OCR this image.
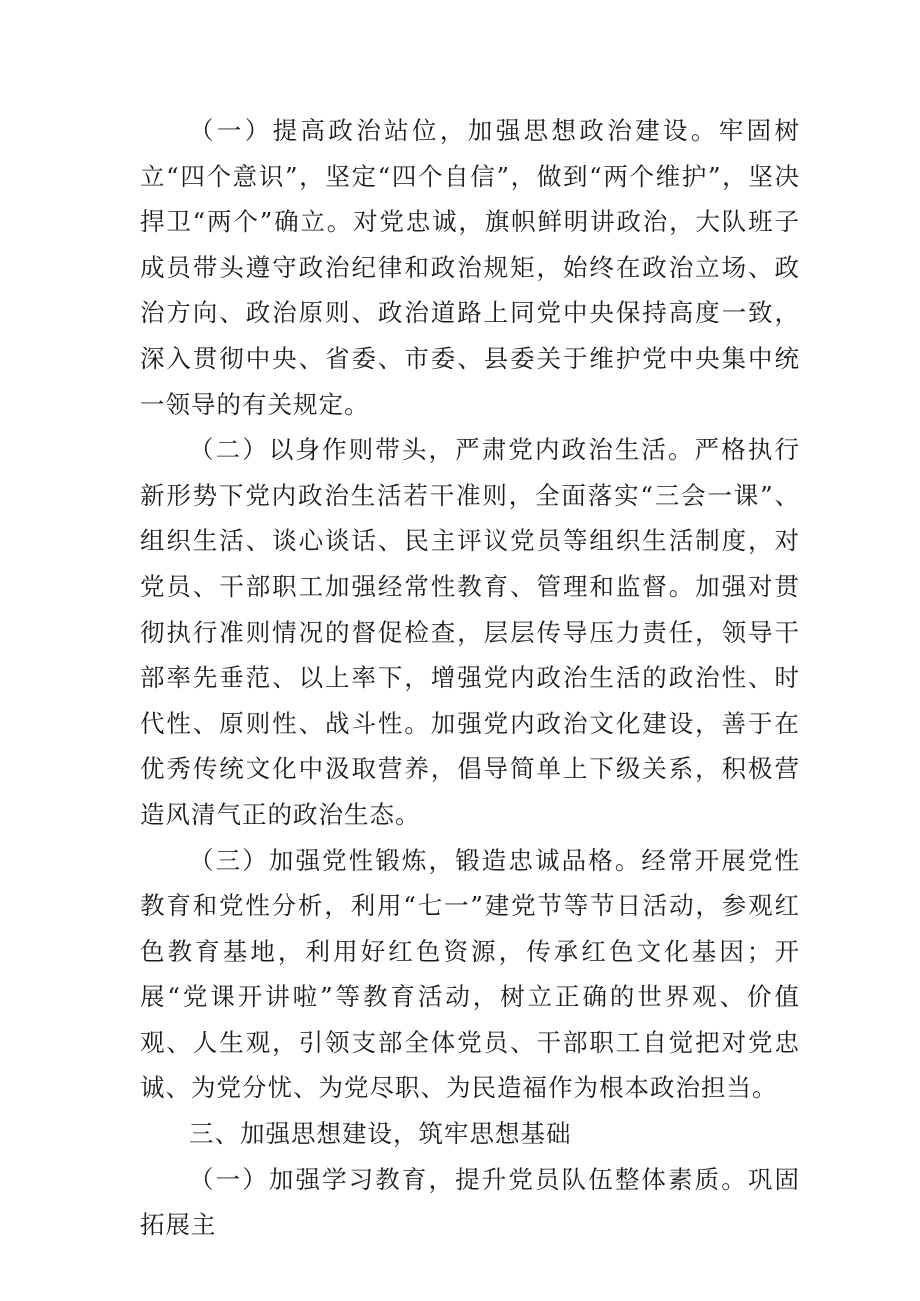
（一）提高政治站位，加强思想政治建设。牢固树立“四个意识”，坚定“四个自信”，做到“两个维护”，坚决捍卫“两个”确立。对党忠诚，旗帜鲜明讲政治，大队班子成员带头遵守政治纪律和政治规矩，始终在政治立场、政治方向、政治原则、政治道路上同党中央保持高度一致，深入贯彻中央、省委、市委、县委关于维护党中央集中统一领导的有关规定。

（二）以身作则带头，严肃党内政治生活。严格执行新形势下党内政治生活若干准则，全面落实“三会一课”、组织生活、谈心谈话、民主评议党员等组织生活制度，对党员、干部职工加强经常性教育、管理和监督。加强对贯彻执行准则情况的督促检查，层层传导压力责任，领导干部率先垂范、以上率下，增强党内政治生活的政治性、时代性、原则性、战斗性。加强党内政治文化建设，善于在优秀传统文化中汲取营养，倡导简单上下级关系，积极营造风清气正的政治生态。

（三）加强党性锻炼，锻造忠诚品格。经常开展党性教育和党性分析，利用“七一”建党节等节日活动，参观红色教育基地，利用好红色资源，传承红色文化基因；开展“党课开讲啦”等教育活动，树立正确的世界观、价值观、人生观，引领支部全体党员、干部职工自觉把对党忠诚、为党分忧、为党尽职、为民造福作为根本政治担当。

三、加强思想建设，筑牢思想基础

（一）加强学习教育，提升党员队伍整体素质。巩固拓展主
